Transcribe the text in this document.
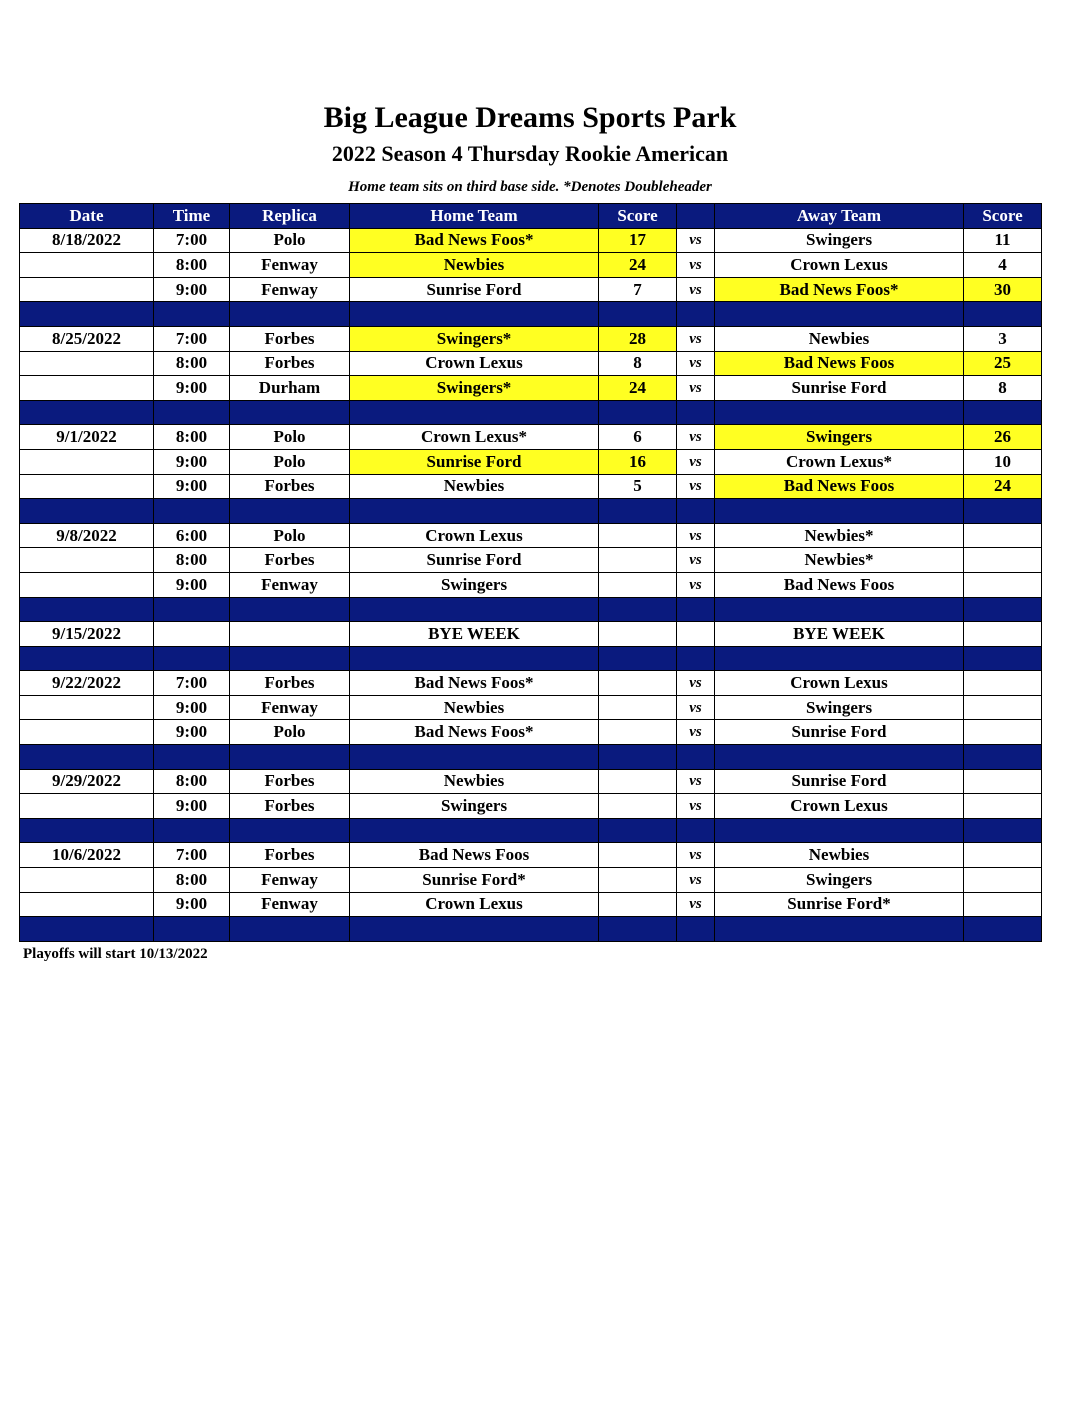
Big League Dreams Sports Park
2022 Season 4 Thursday Rookie American
Home team sits on third base side. *Denotes Doubleheader
Date	Time	Replica	Home Team	Score		Away Team	Score
8/18/2022	7:00	Polo	Bad News Foos*	17	vs	Swingers	11
	8:00	Fenway	Newbies	24	vs	Crown Lexus	4
	9:00	Fenway	Sunrise Ford	7	vs	Bad News Foos*	30

8/25/2022	7:00	Forbes	Swingers*	28	vs	Newbies	3
	8:00	Forbes	Crown Lexus	8	vs	Bad News Foos	25
	9:00	Durham	Swingers*	24	vs	Sunrise Ford	8

9/1/2022	8:00	Polo	Crown Lexus*	6	vs	Swingers	26
	9:00	Polo	Sunrise Ford	16	vs	Crown Lexus*	10
	9:00	Forbes	Newbies	5	vs	Bad News Foos	24

9/8/2022	6:00	Polo	Crown Lexus		vs	Newbies*	
	8:00	Forbes	Sunrise Ford		vs	Newbies*	
	9:00	Fenway	Swingers		vs	Bad News Foos	

9/15/2022			BYE WEEK			BYE WEEK	

9/22/2022	7:00	Forbes	Bad News Foos*		vs	Crown Lexus	
	9:00	Fenway	Newbies		vs	Swingers	
	9:00	Polo	Bad News Foos*		vs	Sunrise Ford	

9/29/2022	8:00	Forbes	Newbies		vs	Sunrise Ford	
	9:00	Forbes	Swingers		vs	Crown Lexus	

10/6/2022	7:00	Forbes	Bad News Foos		vs	Newbies	
	8:00	Fenway	Sunrise Ford*		vs	Swingers	
	9:00	Fenway	Crown Lexus		vs	Sunrise Ford*	

Playoffs will start 10/13/2022
